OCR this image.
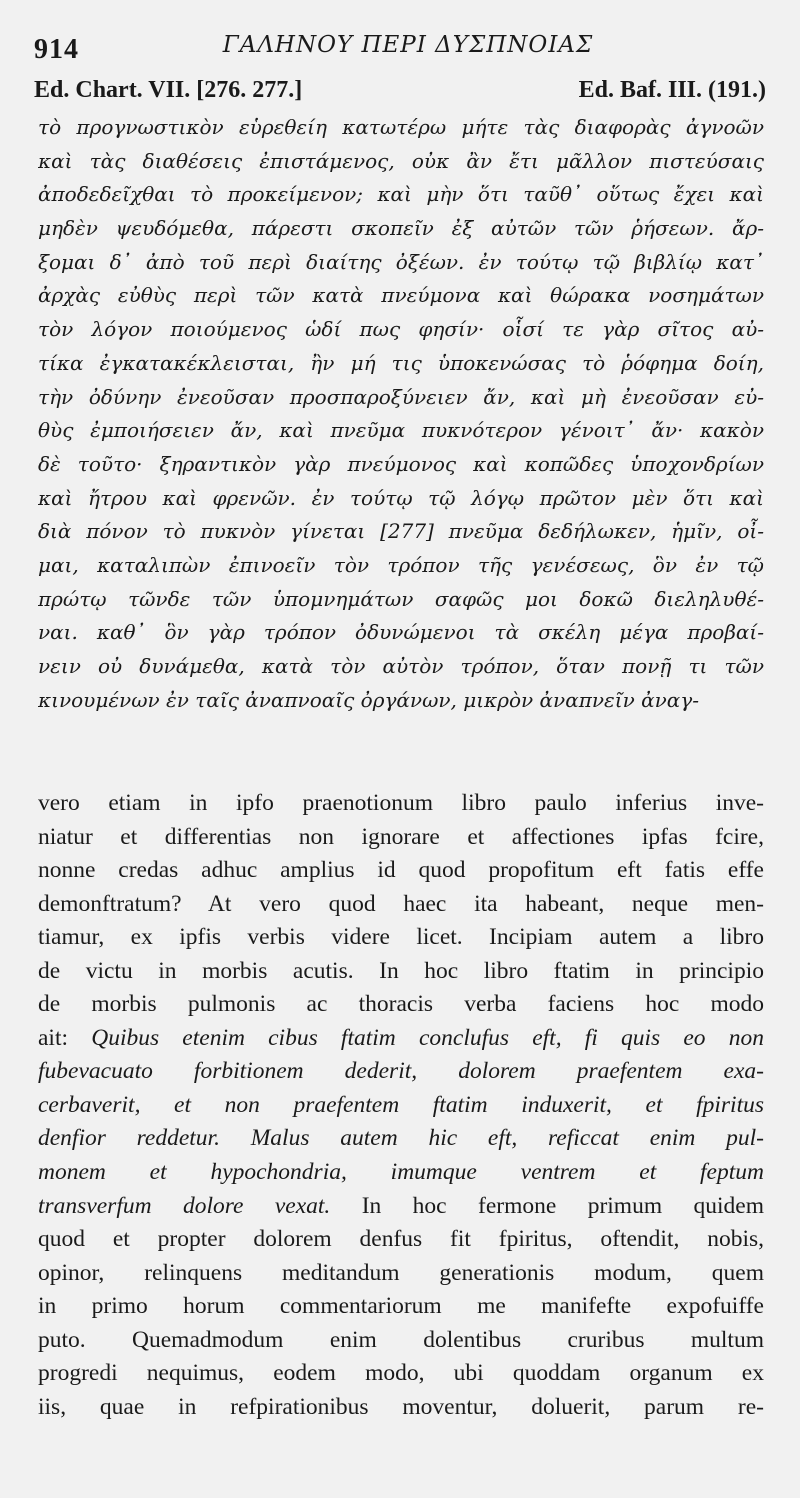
914	ΓΑΛΗΝΟΥ ΠΕΡΙ ΔΥΣΠΝΟΙΑΣ
Ed. Chart. VII. [276. 277.]	Ed. Baf. III. (191.)
τὸ προγνωστικὸν εὑρεθείη κατωτέρω μήτε τὰς διαφορὰς ἀγνοῶν
καὶ τὰς διαθέσεις ἐπιστάμενος, οὐκ ἂν ἔτι μᾶλλον πιστεύσαις
ἀποδεδεῖχθαι τὸ προκείμενον; καὶ μὴν ὅτι ταῦθ᾽ οὕτως ἔχει καὶ
μηδὲν ψευδόμεθα, πάρεστι σκοπεῖν ἐξ αὐτῶν τῶν ῥήσεων. ἄρ-
ξομαι δ᾽ ἀπὸ τοῦ περὶ διαίτης ὀξέων. ἐν τούτῳ τῷ βιβλίῳ κατ᾽
ἀρχὰς εὐθὺς περὶ τῶν κατὰ πνεύμονα καὶ θώρακα νοσημάτων
τὸν λόγον ποιούμενος ὡδί πως φησίν· οἷσί τε γὰρ σῖτος αὐ-
τίκα ἐγκατακέκλεισται, ἢν μή τις ὑποκενώσας τὸ ῥόφημα δοίη,
τὴν ὀδύνην ἐνεοῦσαν προσπαροξύνειεν ἄν, καὶ μὴ ἐνεοῦσαν εὐ-
θὺς ἐμποιήσειεν ἄν, καὶ πνεῦμα πυκνότερον γένοιτ᾽ ἄν· κακὸν
δὲ τοῦτο· ξηραντικὸν γὰρ πνεύμονος καὶ κοπῶδες ὑποχονδρίων
καὶ ἤτρου καὶ φρενῶν. ἐν τούτῳ τῷ λόγῳ πρῶτον μὲν ὅτι καὶ
διὰ πόνον τὸ πυκνὸν γίνεται [277] πνεῦμα δεδήλωκεν, ἡμῖν, οἶ-
μαι, καταλιπὼν ἐπινοεῖν τὸν τρόπον τῆς γενέσεως, ὃν ἐν τῷ
πρώτῳ τῶνδε τῶν ὑπομνημάτων σαφῶς μοι δοκῶ διεληλυθέ-
ναι. καθ᾽ ὃν γὰρ τρόπον ὀδυνώμενοι τὰ σκέλη μέγα προβαί-
νειν οὐ δυνάμεθα, κατὰ τὸν αὐτὸν τρόπον, ὅταν πονῇ τι τῶν
κινουμένων ἐν ταῖς ἀναπνοαῖς ὀργάνων, μικρὸν ἀναπνεῖν ἀναγ-
vero etiam in ipfo praenotionum libro paulo inferius inve-
niatur et differentias non ignorare et affectiones ipfas fcire,
nonne credas adhuc amplius id quod propofitum eft fatis effe
demonftratum? At vero quod haec ita habeant, neque men-
tiamur, ex ipfis verbis videre licet. Incipiam autem a libro
de victu in morbis acutis. In hoc libro ftatim in principio
de morbis pulmonis ac thoracis verba faciens hoc modo
ait: Quibus etenim cibus ftatim conclufus eft, fi quis eo non
fubevacuato forbitionem dederit, dolorem praefentem exa-
cerbaverit, et non praefentem ftatim induxerit, et fpiritus
denfior reddetur. Malus autem hic eft, reficcat enim pul-
monem et hypochondria, imumque ventrem et feptum
transverfum dolore vexat. In hoc fermone primum quidem
quod et propter dolorem denfus fit fpiritus, oftendit, nobis,
opinor, relinquens meditandum generationis modum, quem
in primo horum commentariorum me manifefte expofuiffe
puto. Quemadmodum enim dolentibus cruribus multum
progredi nequimus, eodem modo, ubi quoddam organum ex
iis, quae in refpirationibus moventur, doluerit, parum re-
